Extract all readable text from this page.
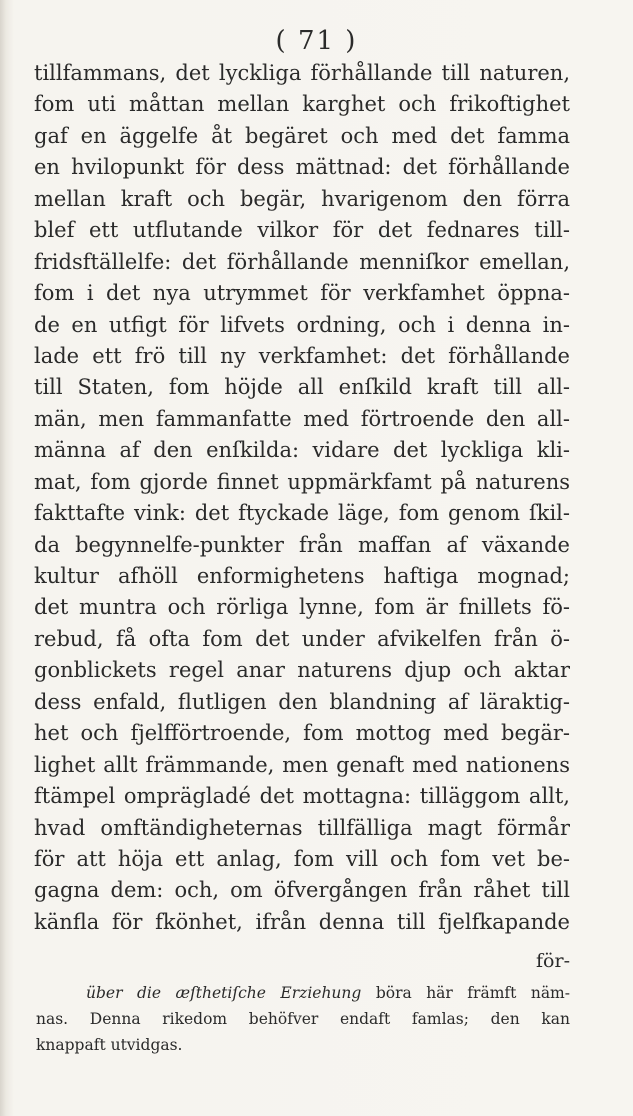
( 71 )
tillfammans, det lyckliga förhållande till naturen,
fom uti måttan mellan karghet och frikoftighet
gaf en äggelfe åt begäret och med det famma
en hvilopunkt för dess mättnad: det förhållande
mellan kraft och begär, hvarigenom den förra
blef ett utflutande vilkor för det fednares till-
fridsftällelfe: det förhållande menniſkor emellan,
fom i det nya utrymmet för verkfamhet öppna-
de en utfigt för lifvets ordning, och i denna in-
lade ett frö till ny verkfamhet: det förhållande
till Staten, fom höjde all enſkild kraft till all-
män, men fammanfatte med förtroende den all-
männa af den enſkilda: vidare det lyckliga kli-
mat, fom gjorde finnet uppmärkfamt på naturens
fakttafte vink: det ftyckade läge, fom genom ſkil-
da begynnelfe-punkter från maffan af växande
kultur afhöll enformighetens haftiga mognad;
det muntra och rörliga lynne, fom är fnillets fö-
rebud, få ofta fom det under afvikelfen från ö-
gonblickets regel anar naturens djup och aktar
dess enfald, flutligen den blandning af läraktig-
het och fjelfförtroende, fom mottog med begär-
lighet allt främmande, men genaft med nationens
ftämpel omprägladé det mottagna: tilläggom allt,
hvad omftändigheternas tillfälliga magt förmår
för att höja ett anlag, fom vill och fom vet be-
gagna dem: och, om öfvergången från råhet till
känfla för fkönhet, ifrån denna till fjelfkapande
för-
über die æſthetiſche Erziehung böra här främft näm-
nas. Denna rikedom behöfver endaft famlas; den kan
knappaft utvidgas.
